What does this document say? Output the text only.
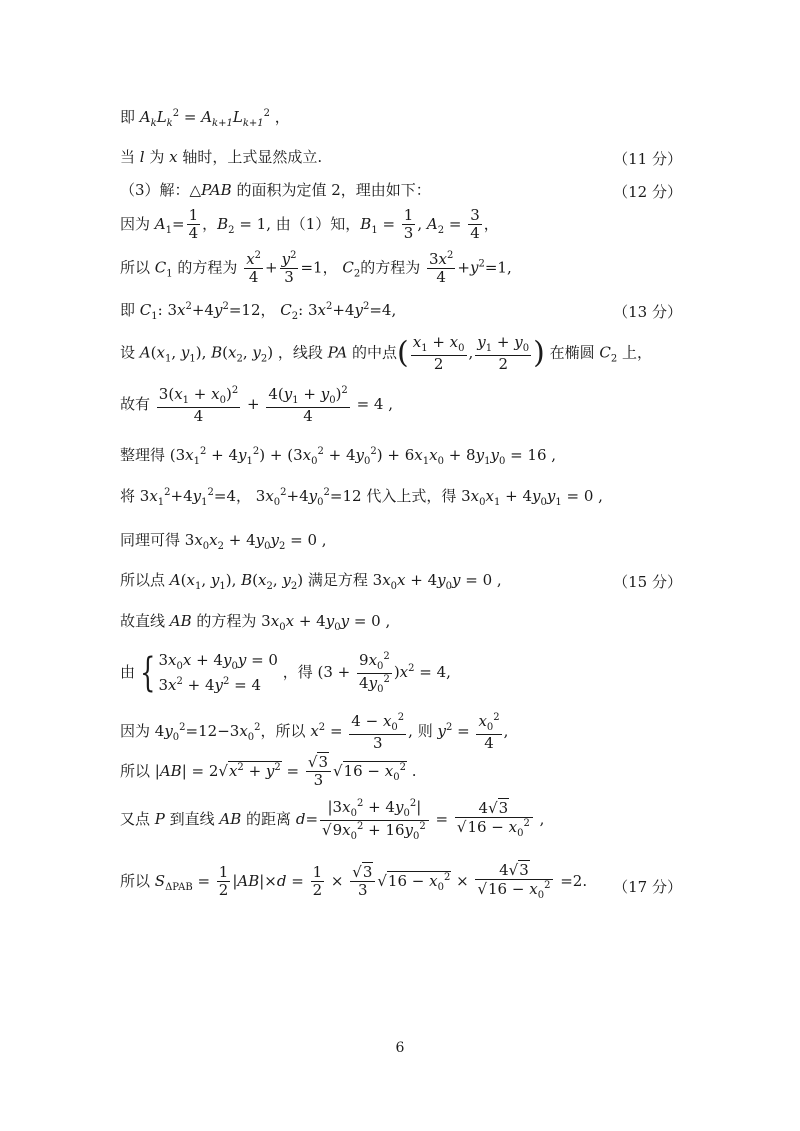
即 $A_kL_k^2 = A_{k+1}L_{k+1}^2$ ，
当 l 为 x 轴时，上式显然成立.	（11 分）
（3）解：△PAB 的面积为定值 2，理由如下：	（12 分）
因为 $A_1= \frac{1}{4}$ ，$B_2 = 1$, 由（1）知，$B_1 = \frac{1}{3}$ , $A_2 = \frac{3}{4}$ ，
所以 $C_1$ 的方程为 $\frac{x^2}{4} + \frac{y^2}{3} =1$， $C_2$的方程为 $\frac{3x^2}{4} +y^2=1$,
即 $C_1$: $3x^2+4y^2=12$， $C_2$: $3x^2+4y^2=4$,	（13 分）
设 $A(x_1$, $y_1$), $B(x_2$, $y_2$) ，线段 PA 的中点( $\frac{x_1 + x_0}{2}$ , $\frac{y_1 + y_0}{2}$ ) 在椭圆 $C_2$ 上，
故有 $\frac{3(x_1 + x_0)^2}{4} + \frac{4(y_1 + y_0)^2}{4} = 4$ ,
整理得 $(3x_1^2 + 4y_1^2) + (3x_0^2 + 4y_0^2) + 6x_1x_0 + 8y_1y_0 = 16$ ,
将 $3x_1^2+4y_1^2=4$， $3x_0^2+4y_0^2=12$ 代入上式，得 $3x_0x_1 + 4y_0y_1 = 0$ ,
同理可得 $3x_0x_2 + 4y_0y_2 = 0$ ,
所以点 $A(x_1$, $y_1$), $B(x_2$, $y_2$) 满足方程 $3x_0x + 4y_0y = 0$ ,	（15 分）
故直线 AB 的方程为 $3x_0x + 4y_0y = 0$ ,
由 { $3x_0x + 4y_0y = 0$
$3x^2 + 4y^2 = 4$ ，得 $(3 + \frac{9x_0^2}{4y_0^2} )x^2 = 4$,
因为 $4y_0^2=12-3x_0^2$，所以 $x^2 = \frac{4 - x_0^2}{3}$ , 则 $y^2 = \frac{x_0^2}{4}$ ,
所以 $|AB| = 2√x^2 + y^2 = \frac{√3}{3} √16 - x_0^2$ .
又点 P 到直线 AB 的距离 $d= \frac{|3x_0^2 + 4y_0^2|}{√9x_0^2 + 16y_0^2} = \frac{4√3}{√16 - x_0^2}$ ,
所以 $S_{\Delta PAB} = \frac{1}{2} |AB|\times d = \frac{1}{2} \times \frac{√3}{3} √16 - x_0^2 \times \frac{4√3}{√16 - x_0^2} =2$.	（17 分）
6
